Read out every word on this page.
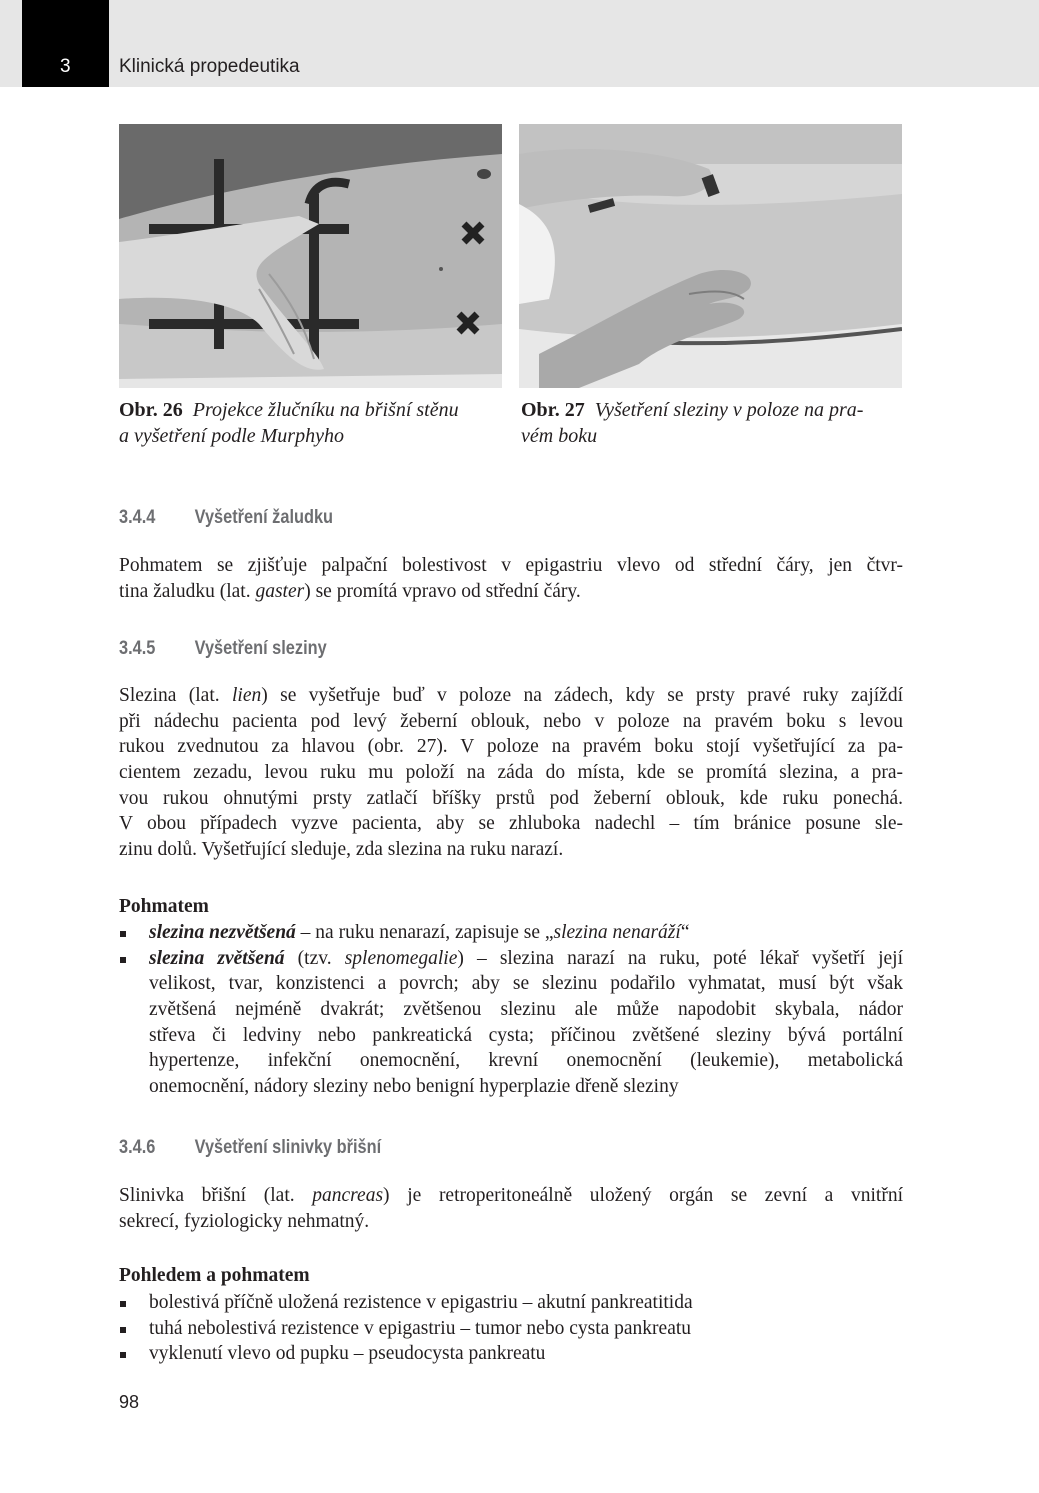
3	Klinická propedeutika
Obr. 26 Projekce žlučníku na břišní stěnu
a vyšetření podle Murphyho
Obr. 27 Vyšetření sleziny v poloze na pra-
vém boku
3.4.4 Vyšetření žaludku
Pohmatem se zjišťuje palpační bolestivost v epigastriu vlevo od střední čáry, jen čtvr-
tina žaludku (lat. gaster) se promítá vpravo od střední čáry.
3.4.5 Vyšetření sleziny
Slezina (lat. lien) se vyšetřuje buď v poloze na zádech, kdy se prsty pravé ruky zajíždí
při nádechu pacienta pod levý žeberní oblouk, nebo v poloze na pravém boku s levou
rukou zvednutou za hlavou (obr. 27). V poloze na pravém boku stojí vyšetřující za pa-
cientem zezadu, levou ruku mu položí na záda do místa, kde se promítá slezina, a pra-
vou rukou ohnutými prsty zatlačí bříšky prstů pod žeberní oblouk, kde ruku ponechá.
V obou případech vyzve pacienta, aby se zhluboka nadechl – tím bránice posune sle-
zinu dolů. Vyšetřující sleduje, zda slezina na ruku narazí.
Pohmatem
slezina nezvětšená – na ruku nenarazí, zapisuje se „slezina nenaráží“
slezina zvětšená (tzv. splenomegalie) – slezina narazí na ruku, poté lékař vyšetří její
velikost, tvar, konzistenci a povrch; aby se slezinu podařilo vyhmatat, musí být však
zvětšená nejméně dvakrát; zvětšenou slezinu ale může napodobit skybala, nádor
střeva či ledviny nebo pankreatická cysta; příčinou zvětšené sleziny bývá portální
hypertenze, infekční onemocnění, krevní onemocnění (leukemie), metabolická
onemocnění, nádory sleziny nebo benigní hyperplazie dřeně sleziny
3.4.6 Vyšetření slinivky břišní
Slinivka břišní (lat. pancreas) je retroperitoneálně uložený orgán se zevní a vnitřní
sekrecí, fyziologicky nehmatný.
Pohledem a pohmatem
bolestivá příčně uložená rezistence v epigastriu – akutní pankreatitida
tuhá nebolestivá rezistence v epigastriu – tumor nebo cysta pankreatu
vyklenutí vlevo od pupku – pseudocysta pankreatu
98
